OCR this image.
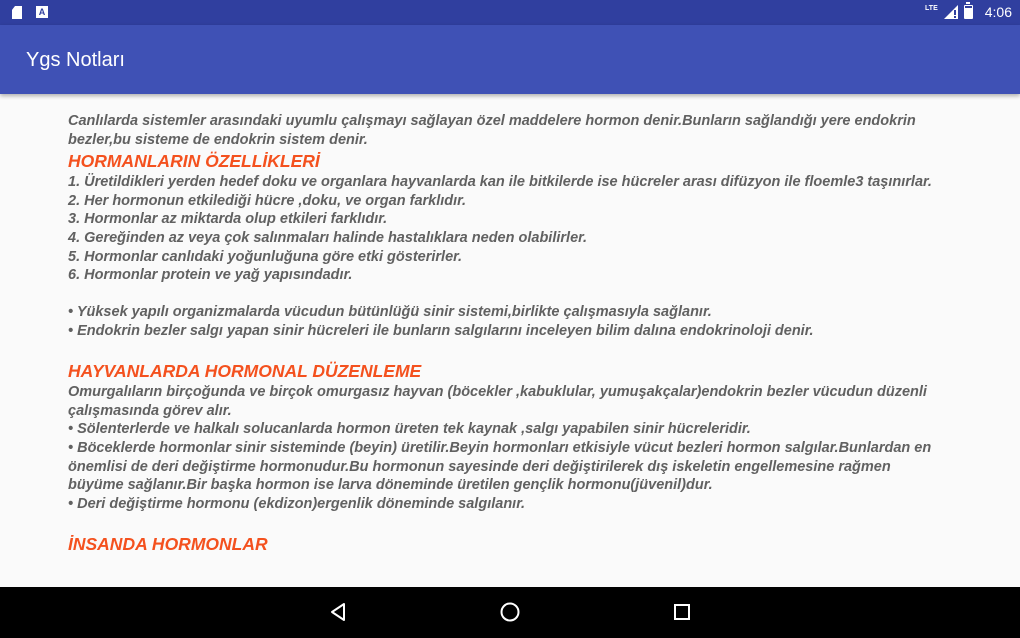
A	LTE	4:06
Ygs Notları

Canlılarda sistemler arasındaki uyumlu çalışmayı sağlayan özel maddelere hormon denir.Bunların sağlandığı yere endokrin bezler,bu sisteme de endokrin sistem denir.

HORMANLARIN ÖZELLİKLERİ

1. Üretildikleri yerden hedef doku ve organlara hayvanlarda kan ile bitkilerde ise hücreler arası difüzyon ile floemle3 taşınırlar.

2. Her hormonun etkilediği hücre ,doku, ve organ farklıdır.

3. Hormonlar az miktarda olup etkileri farklıdır.

4. Gereğinden az veya çok salınmaları halinde hastalıklara neden olabilirler.

5. Hormonlar canlıdaki yoğunluğuna göre etki gösterirler.

6. Hormonlar protein ve yağ yapısındadır.

• Yüksek yapılı organizmalarda vücudun bütünlüğü sinir sistemi,birlikte çalışmasıyla sağlanır.

• Endokrin bezler salgı yapan sinir hücreleri ile bunların salgılarını inceleyen bilim dalına endokrinoloji denir.

HAYVANLARDA HORMONAL DÜZENLEME

Omurgalıların birçoğunda ve birçok omurgasız hayvan (böcekler ,kabuklular, yumuşakçalar)endokrin bezler vücudun düzenli çalışmasında görev alır.

• Sölenterlerde ve halkalı solucanlarda hormon üreten tek kaynak ,salgı yapabilen sinir hücreleridir.

• Böceklerde hormonlar sinir sisteminde (beyin) üretilir.Beyin hormonları etkisiyle vücut bezleri hormon salgılar.Bunlardan en önemlisi de deri değiştirme hormonudur.Bu hormonun sayesinde deri değiştirilerek dış iskeletin engellemesine rağmen büyüme sağlanır.Bir başka hormon ise larva döneminde üretilen gençlik hormonu(jüvenil)dur.

• Deri değiştirme hormonu (ekdizon)ergenlik döneminde salgılanır.

İNSANDA HORMONLAR
